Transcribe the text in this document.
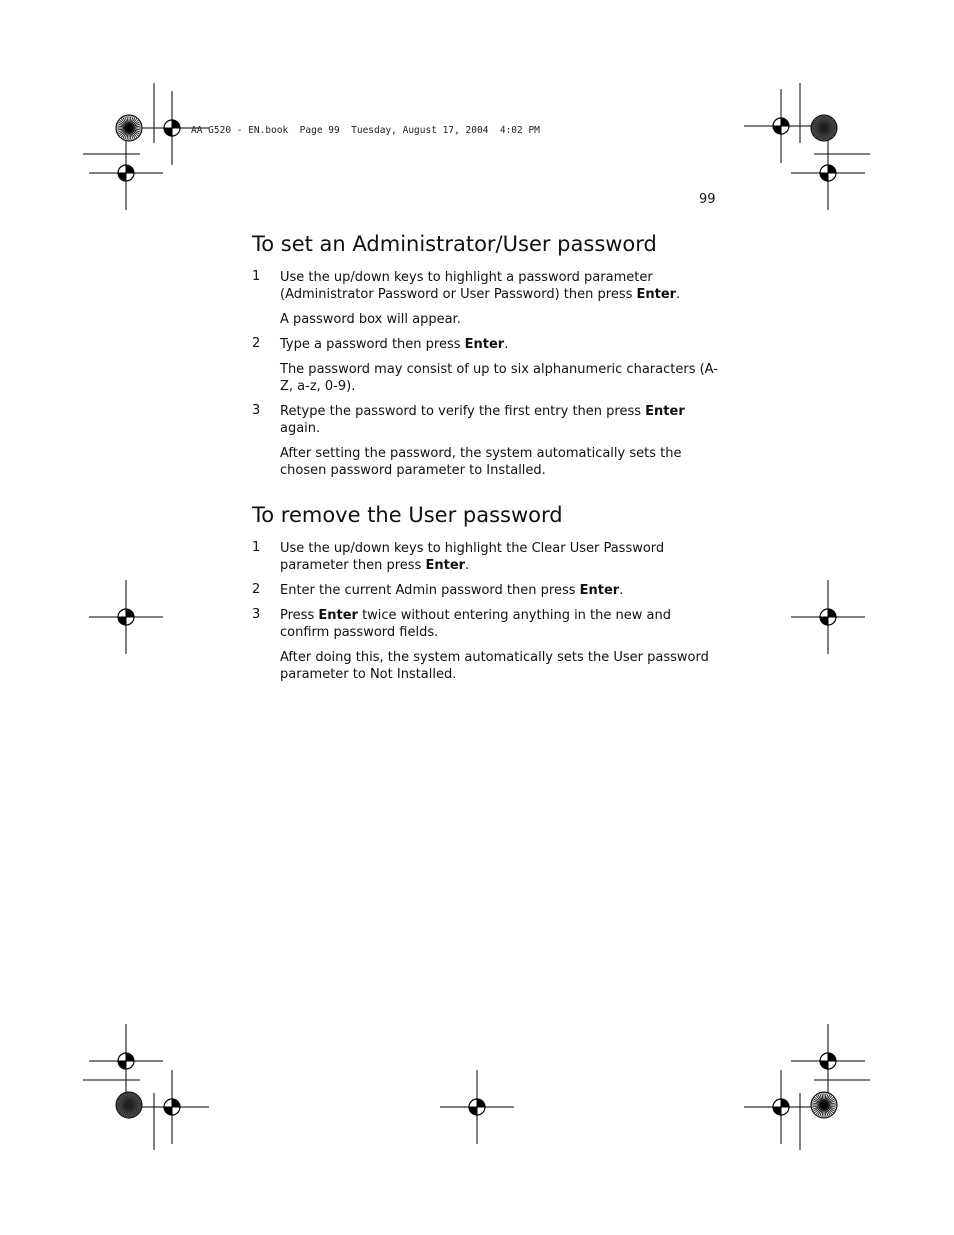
AA G520 - EN.book  Page 99  Tuesday, August 17, 2004  4:02 PM
99
To set an Administrator/User password
1 Use the up/down keys to highlight a password parameter (Administrator Password or User Password) then press Enter.
A password box will appear.
2 Type a password then press Enter.
The password may consist of up to six alphanumeric characters (A-Z, a-z, 0-9).
3 Retype the password to verify the first entry then press Enter again.
After setting the password, the system automatically sets the chosen password parameter to Installed.
To remove the User password
1 Use the up/down keys to highlight the Clear User Password parameter then press Enter.
2 Enter the current Admin password then press Enter.
3 Press Enter twice without entering anything in the new and confirm password fields.
After doing this, the system automatically sets the User password parameter to Not Installed.
